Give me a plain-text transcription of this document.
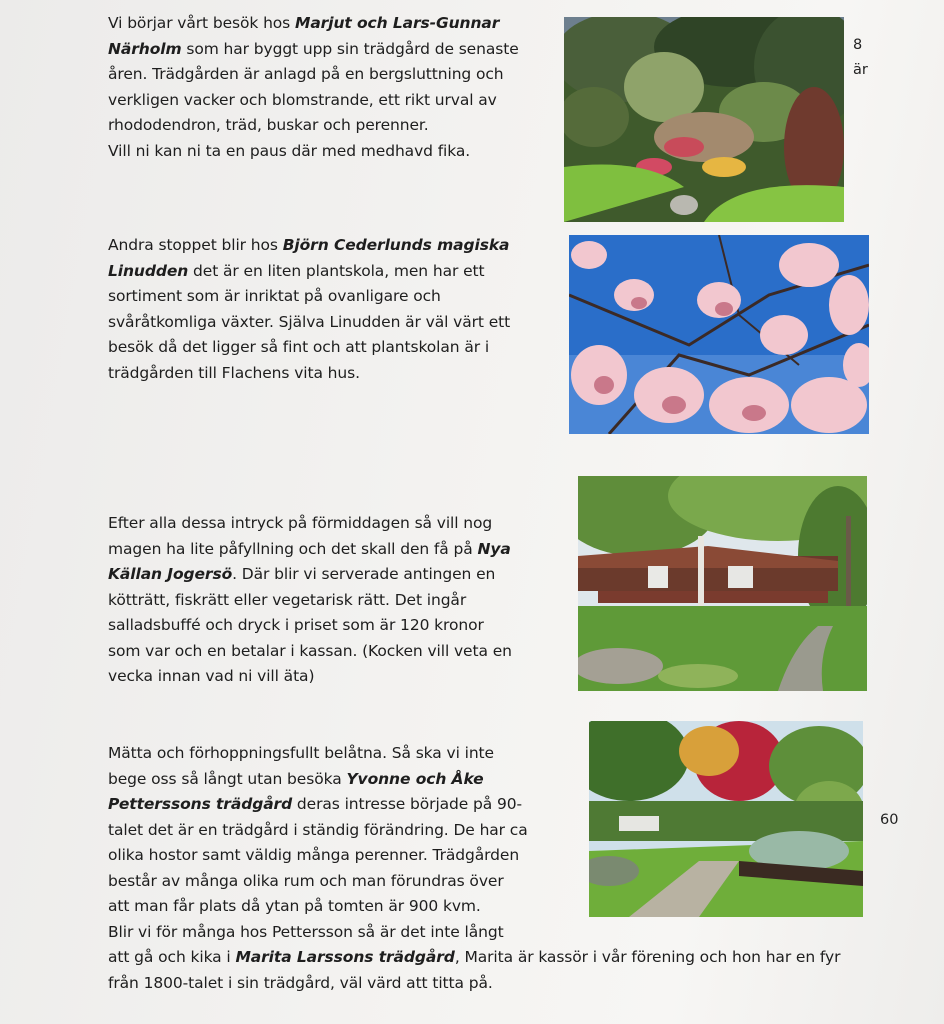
Vi börjar vårt besök hos Marjut och Lars-Gunnar
Närholm som har byggt upp sin trädgård de senaste
åren. Trädgården är anlagd på en bergsluttning och
verkligen vacker och blomstrande, ett rikt urval av
rhododendron, träd, buskar och perenner.
Vill ni kan ni ta en paus där med medhavd fika.
Andra stoppet blir hos Björn Cederlunds magiska
Linudden det är en liten plantskola, men har ett
sortiment som är inriktat på ovanligare och
svåråtkomliga växter. Själva Linudden är väl värt ett
besök då det ligger så fint och att plantskolan är i
trädgården till Flachens vita hus.
Efter alla dessa intryck på förmiddagen så vill nog
magen ha lite påfyllning och det skall den få på Nya
Källan Jogersö. Där blir vi serverade antingen en
kötträtt, fiskrätt eller vegetarisk rätt. Det ingår
salladsbuffé och dryck i priset som är 120 kronor
som var och en betalar i kassan. (Kocken vill veta en
vecka innan vad ni vill äta)
Mätta och förhoppningsfullt belåtna. Så ska vi inte
bege oss så långt utan besöka Yvonne och Åke
Petterssons trädgård deras intresse började på 90-
talet det är en trädgård i ständig förändring. De har ca
olika hostor samt väldig många perenner. Trädgården
består av många olika rum och man förundras över
att man får plats då ytan på tomten är 900 kvm.
Blir vi för många hos Pettersson så är det inte långt
att gå och kika i Marita Larssons trädgård, Marita är kassör i vår förening och hon har en fyr
från 1800-talet i sin trädgård, väl värd att titta på.
8
är
60
